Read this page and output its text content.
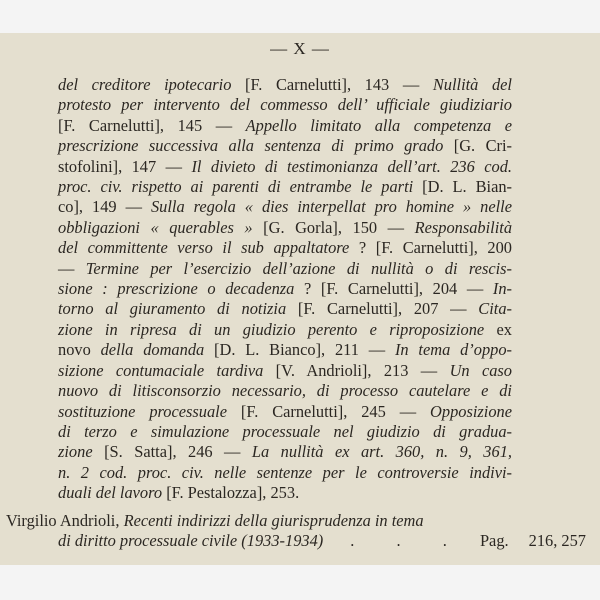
— X —
del creditore ipotecario [F. Carnelutti], 143 — Nullità del
protesto per intervento del commesso dell’ ufficiale giudiziario
[F. Carnelutti], 145 — Appello limitato alla competenza e
prescrizione successiva alla sentenza di primo grado [G. Cri-
stofolini], 147 — Il divieto di testimonianza dell’art. 236 cod.
proc. civ. rispetto ai parenti di entrambe le parti [D. L. Bian-
co], 149 — Sulla regola « dies interpellat pro homine » nelle
obbligazioni « querables » [G. Gorla], 150 — Responsabilità
del committente verso il sub appaltatore ? [F. Carnelutti], 200
— Termine per l’esercizio dell’azione di nullità o di rescis-
sione : prescrizione o decadenza ? [F. Carnelutti], 204 — In-
torno al giuramento di notizia [F. Carnelutti], 207 — Cita-
zione in ripresa di un giudizio perento e riproposizione ex
novo della domanda [D. L. Bianco], 211 — In tema d’oppo-
sizione contumaciale tardiva [V. Andrioli], 213 — Un caso
nuovo di litisconsorzio necessario, di processo cautelare e di
sostituzione processuale [F. Carnelutti], 245 — Opposizione
di terzo e simulazione processuale nel giudizio di gradua-
zione [S. Satta], 246 — La nullità ex art. 360, n. 9, 361,
n. 2 cod. proc. civ. nelle sentenze per le controversie indivi-
duali del lavoro [F. Pestalozza], 253.
Virgilio Andrioli, Recenti indirizzi della giurisprudenza in tema
di diritto processuale civile (1933-1934) .	.	. Pag. 216, 257
